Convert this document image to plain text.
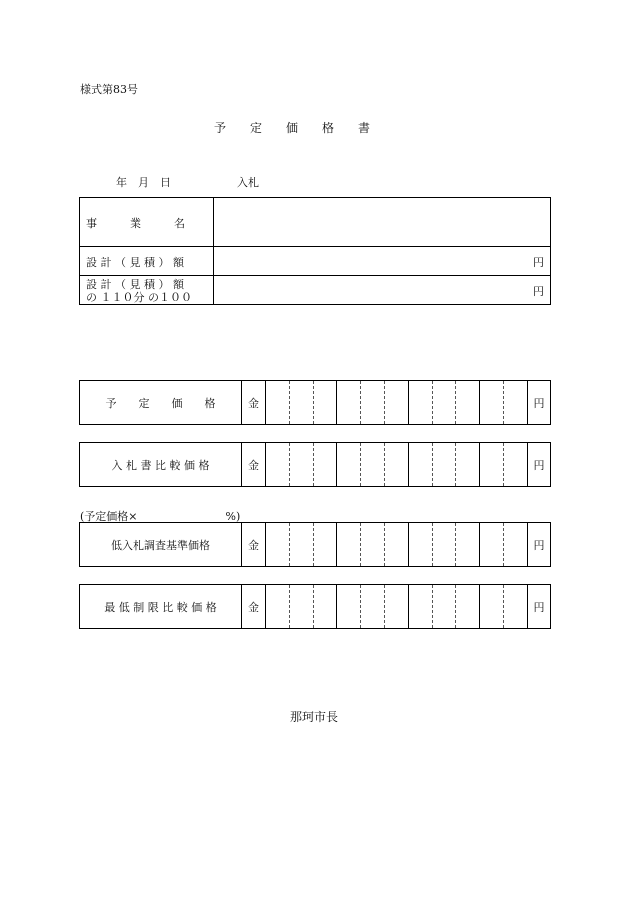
様式第83号
予　　定　　価　　格　　書
年　月　日　　　　　　入札
事　　　業　　　名
設 計 （ 見 積 ） 額	円
設 計 （ 見 積 ） 額
の １１０分 の１００	円
予　　定　　価　　格	金	円
入 札 書 比 較 価 格	金	円
(予定価格×　　　　　　　　%)
低入札調査基準価格	金	円
最 低 制 限 比 較 価 格	金	円
那珂市長
